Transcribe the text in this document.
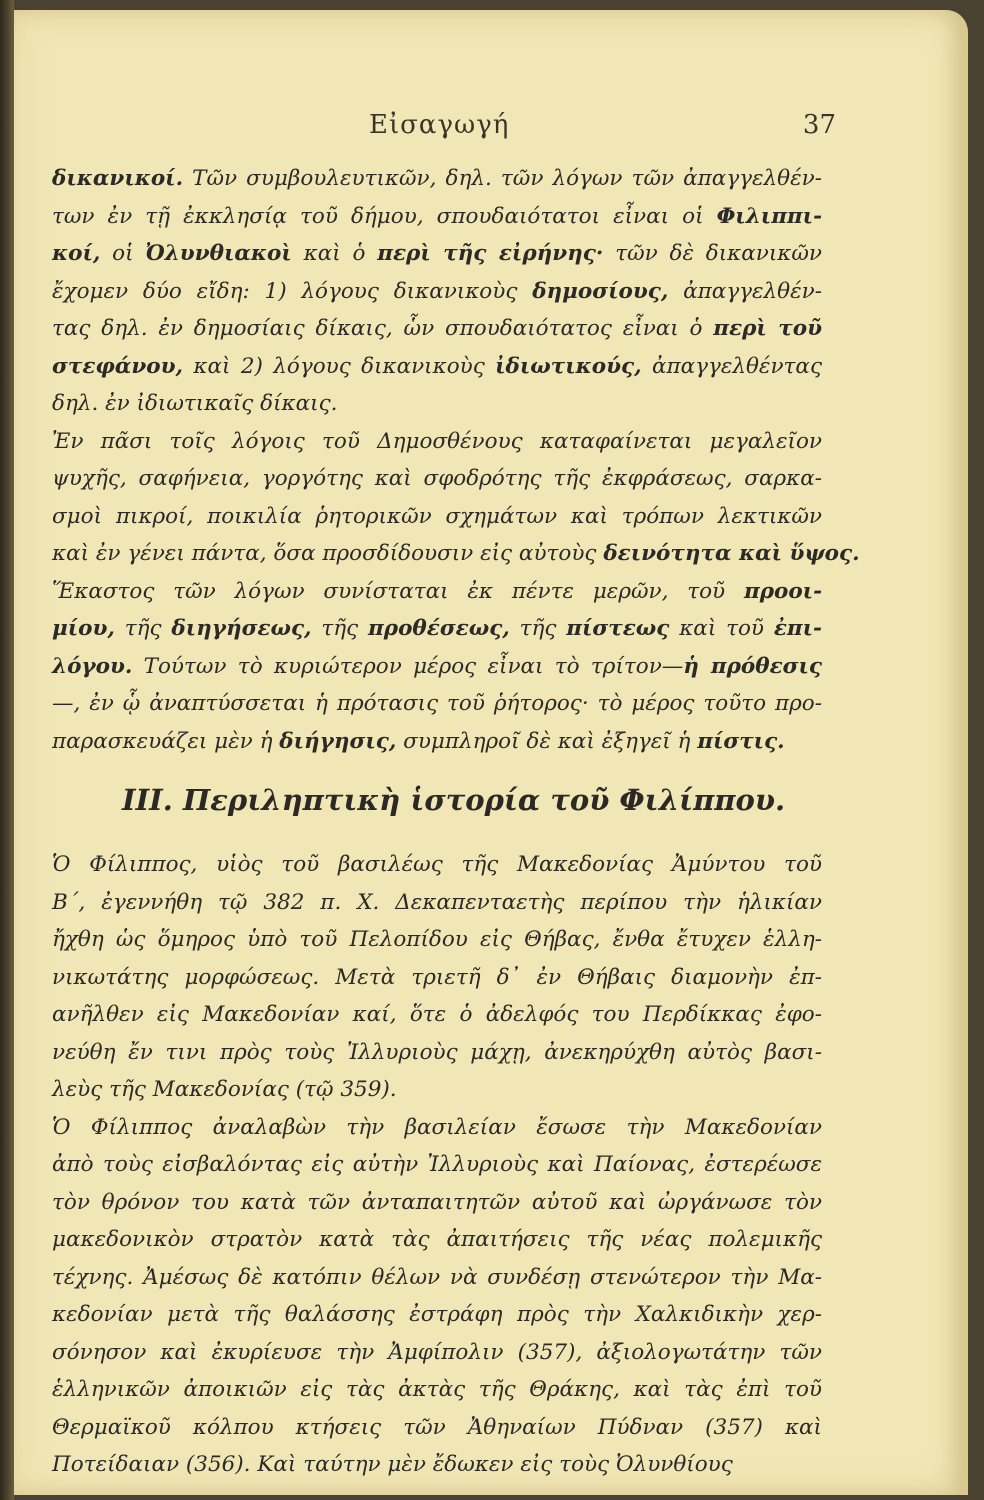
Εἰσαγωγή	37
δικανικοί. Τῶν συμβουλευτικῶν, δηλ. τῶν λόγων τῶν ἀπαγγελθέν-
των ἐν τῇ ἐκκλησίᾳ τοῦ δήμου, σπουδαιότατοι εἶναι οἱ Φιλιππι-
κοί, οἱ Ὀλυνθιακοὶ καὶ ὁ περὶ τῆς εἰρήνης· τῶν δὲ δικανικῶν
ἔχομεν δύο εἴδη: 1) λόγους δικανικοὺς δημοσίους, ἀπαγγελθέν-
τας δηλ. ἐν δημοσίαις δίκαις, ὧν σπουδαιότατος εἶναι ὁ περὶ τοῦ
στεφάνου, καὶ 2) λόγους δικανικοὺς ἰδιωτικούς, ἀπαγγελθέντας
δηλ. ἐν ἰδιωτικαῖς δίκαις.
Ἐν πᾶσι τοῖς λόγοις τοῦ Δημοσθένους καταφαίνεται μεγαλεῖον
ψυχῆς, σαφήνεια, γοργότης καὶ σφοδρότης τῆς ἐκφράσεως, σαρκα-
σμοὶ πικροί, ποικιλία ῥητορικῶν σχημάτων καὶ τρόπων λεκτικῶν
καὶ ἐν γένει πάντα, ὅσα προσδίδουσιν εἰς αὐτοὺς δεινότητα καὶ ὕψος.
Ἕκαστος τῶν λόγων συνίσταται ἐκ πέντε μερῶν, τοῦ προοι-
μίου, τῆς διηγήσεως, τῆς προθέσεως, τῆς πίστεως καὶ τοῦ ἐπι-
λόγου. Τούτων τὸ κυριώτερον μέρος εἶναι τὸ τρίτον—ἡ πρόθεσις
—, ἐν ᾧ ἀναπτύσσεται ἡ πρότασις τοῦ ῥήτορος· τὸ μέρος τοῦτο προ-
παρασκευάζει μὲν ἡ διήγησις, συμπληροῖ δὲ καὶ ἐξηγεῖ ἡ πίστις.
III. Περιληπτικὴ ἱστορία τοῦ Φιλίππου.
Ὁ Φίλιππος, υἱὸς τοῦ βασιλέως τῆς Μακεδονίας Ἀμύντου τοῦ
Β΄, ἐγεννήθη τῷ 382 π. Χ. Δεκαπενταετὴς περίπου τὴν ἡλικίαν
ἤχθη ὡς ὅμηρος ὑπὸ τοῦ Πελοπίδου εἰς Θήβας, ἔνθα ἔτυχεν ἑλλη-
νικωτάτης μορφώσεως. Μετὰ τριετῆ δ᾽ ἐν Θήβαις διαμονὴν ἐπ-
ανῆλθεν εἰς Μακεδονίαν καί, ὅτε ὁ ἀδελφός του Περδίκκας ἐφο-
νεύθη ἔν τινι πρὸς τοὺς Ἰλλυριοὺς μάχῃ, ἀνεκηρύχθη αὐτὸς βασι-
λεὺς τῆς Μακεδονίας (τῷ 359).
Ὁ Φίλιππος ἀναλαβὼν τὴν βασιλείαν ἔσωσε τὴν Μακεδονίαν
ἀπὸ τοὺς εἰσβαλόντας εἰς αὐτὴν Ἰλλυριοὺς καὶ Παίονας, ἐστερέωσε
τὸν θρόνον του κατὰ τῶν ἀνταπαιτητῶν αὐτοῦ καὶ ὠργάνωσε τὸν
μακεδονικὸν στρατὸν κατὰ τὰς ἀπαιτήσεις τῆς νέας πολεμικῆς
τέχνης. Ἀμέσως δὲ κατόπιν θέλων νὰ συνδέσῃ στενώτερον τὴν Μα-
κεδονίαν μετὰ τῆς θαλάσσης ἐστράφη πρὸς τὴν Χαλκιδικὴν χερ-
σόνησον καὶ ἐκυρίευσε τὴν Ἀμφίπολιν (357), ἀξιολογωτάτην τῶν
ἑλληνικῶν ἀποικιῶν εἰς τὰς ἀκτὰς τῆς Θράκης, καὶ τὰς ἐπὶ τοῦ
Θερμαϊκοῦ κόλπου κτήσεις τῶν Ἀθηναίων Πύδναν (357) καὶ
Ποτείδαιαν (356). Καὶ ταύτην μὲν ἔδωκεν εἰς τοὺς Ὀλυνθίους
